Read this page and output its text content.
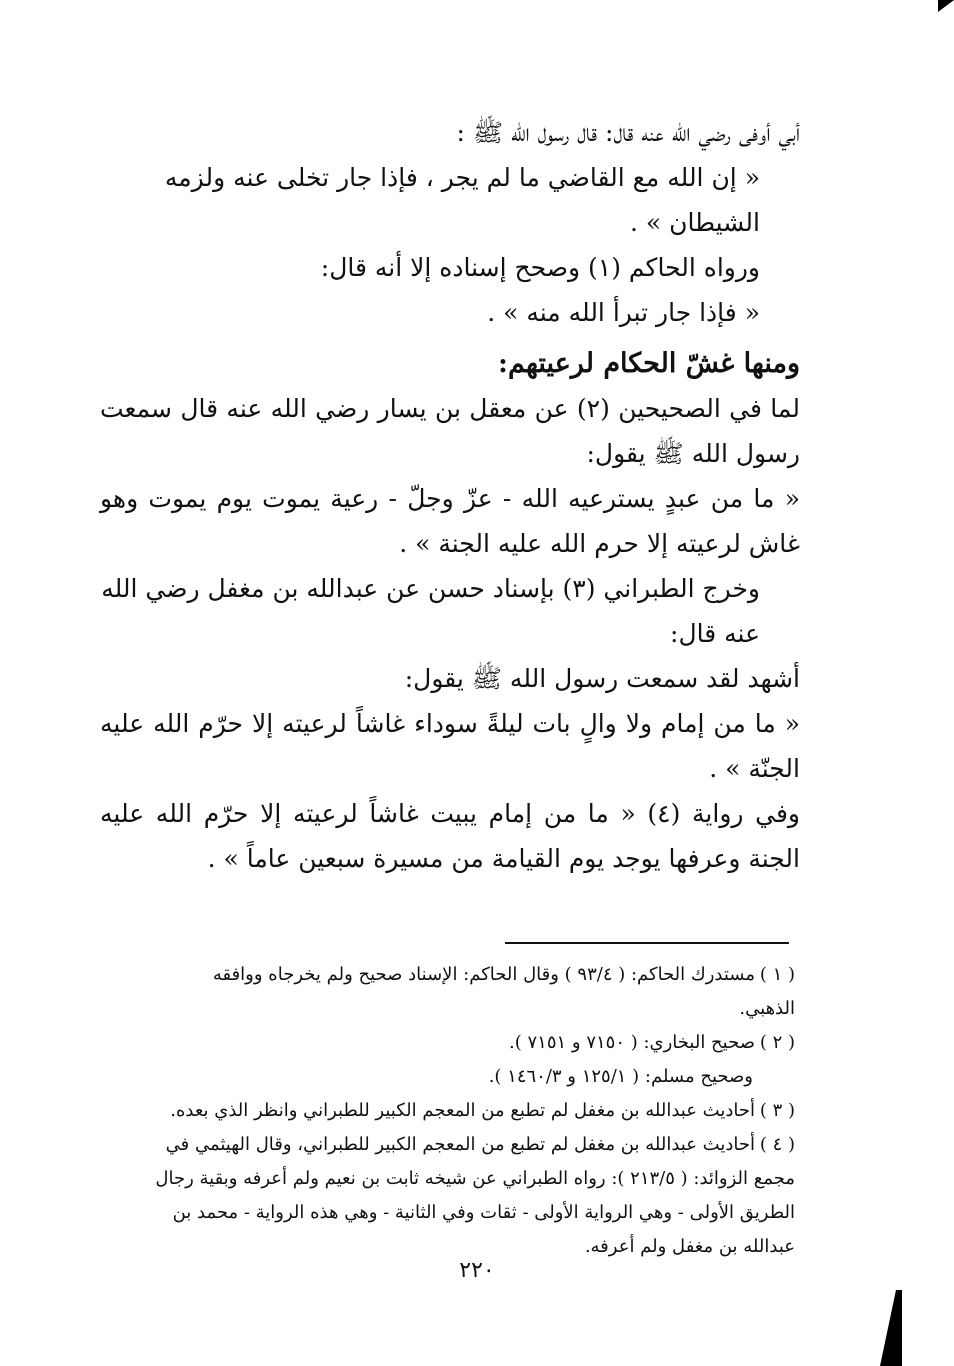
أبي أوفى رضي الله عنه قال: قال رسول الله ﷺ :

« إن الله مع القاضي ما لم يجر ، فإذا جار تخلى عنه ولزمه الشيطان » .

ورواه الحاكم (١) وصحح إسناده إلا أنه قال:

« فإذا جار تبرأ الله منه » .

ومنها غشّ الحكام لرعيتهم:

لما في الصحيحين (٢) عن معقل بن يسار رضي الله عنه قال سمعت رسول الله ﷺ يقول:

« ما من عبدٍ يسترعيه الله - عزّ وجلّ - رعية يموت يوم يموت وهو غاش لرعيته إلا حرم الله عليه الجنة » .

وخرج الطبراني (٣) بإسناد حسن عن عبدالله بن مغفل رضي الله عنه قال:

أشهد لقد سمعت رسول الله ﷺ يقول:

« ما من إمام ولا والٍ بات ليلةً سوداء غاشاً لرعيته إلا حرّم الله عليه الجنّة » .

وفي رواية (٤) « ما من إمام يبيت غاشاً لرعيته إلا حرّم الله عليه الجنة وعرفها يوجد يوم القيامة من مسيرة سبعين عاماً » .

( ١ )مستدرك الحاكم: ( ٩٣/٤ ) وقال الحاكم: الإسناد صحيح ولم يخرجاه ووافقه الذهبي.

( ٢ )صحيح البخاري: ( ٧١٥٠ و ٧١٥١ ).

وصحيح مسلم: ( ١٢٥/١ و ١٤٦٠/٣ ).

( ٣ )أحاديث عبدالله بن مغفل لم تطبع من المعجم الكبير للطبراني وانظر الذي بعده.

( ٤ )أحاديث عبدالله بن مغفل لم تطبع من المعجم الكبير للطبراني، وقال الهيثمي في مجمع الزوائد: ( ٢١٣/٥ ): رواه الطبراني عن شيخه ثابت بن نعيم ولم أعرفه وبقية رجال الطريق الأولى - وهي الرواية الأولى - ثقات وفي الثانية - وهي هذه الرواية - محمد بن عبدالله بن مغفل ولم أعرفه.

٢٢٠
